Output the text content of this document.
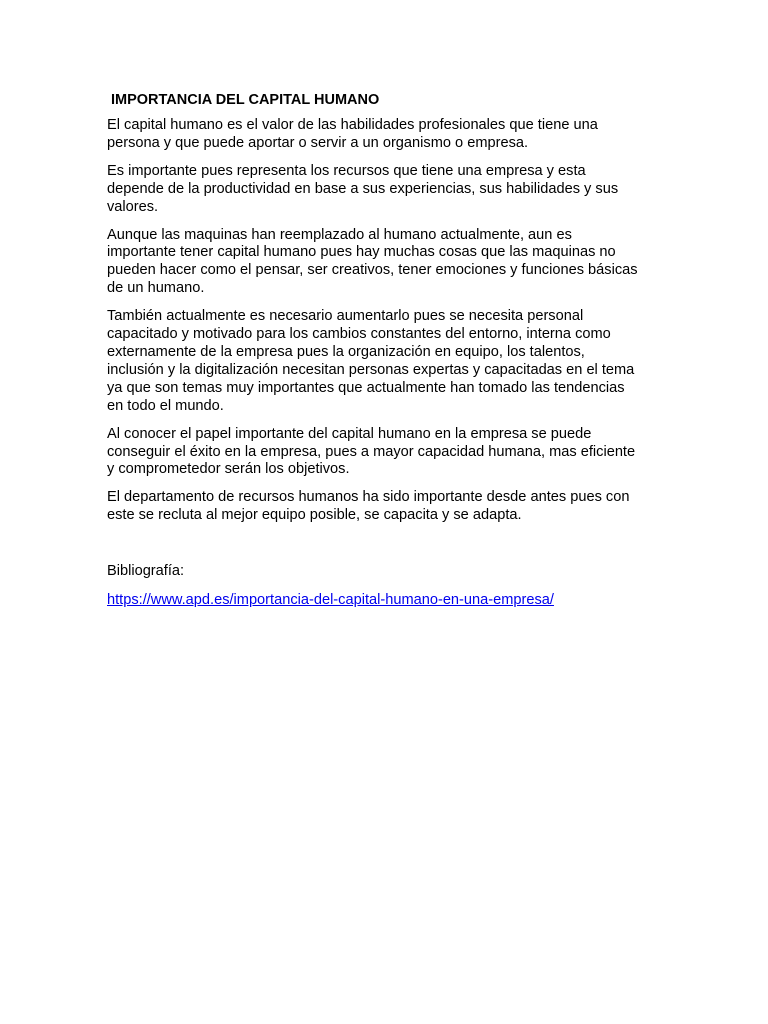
IMPORTANCIA DEL CAPITAL HUMANO
El capital humano es el valor de las habilidades profesionales que tiene una
persona y que puede aportar o servir a un organismo o empresa.
Es importante pues representa los recursos que tiene una empresa y esta
depende de la productividad en base a sus experiencias, sus habilidades y sus
valores.
Aunque las maquinas han reemplazado al humano actualmente, aun es
importante tener capital humano pues hay muchas cosas que las maquinas no
pueden hacer como el pensar, ser creativos, tener emociones y funciones básicas
de un humano.
También actualmente es necesario aumentarlo pues se necesita personal
capacitado y motivado para los cambios constantes del entorno, interna como
externamente de la empresa pues la organización en equipo, los talentos,
inclusión y la digitalización necesitan personas expertas y capacitadas en el tema
ya que son temas muy importantes que actualmente han tomado las tendencias
en todo el mundo.
Al conocer el papel importante del capital humano en la empresa se puede
conseguir el éxito en la empresa, pues a mayor capacidad humana, mas eficiente
y comprometedor serán los objetivos.
El departamento de recursos humanos ha sido importante desde antes pues con
este se recluta al mejor equipo posible, se capacita y se adapta.
Bibliografía:
https://www.apd.es/importancia-del-capital-humano-en-una-empresa/
